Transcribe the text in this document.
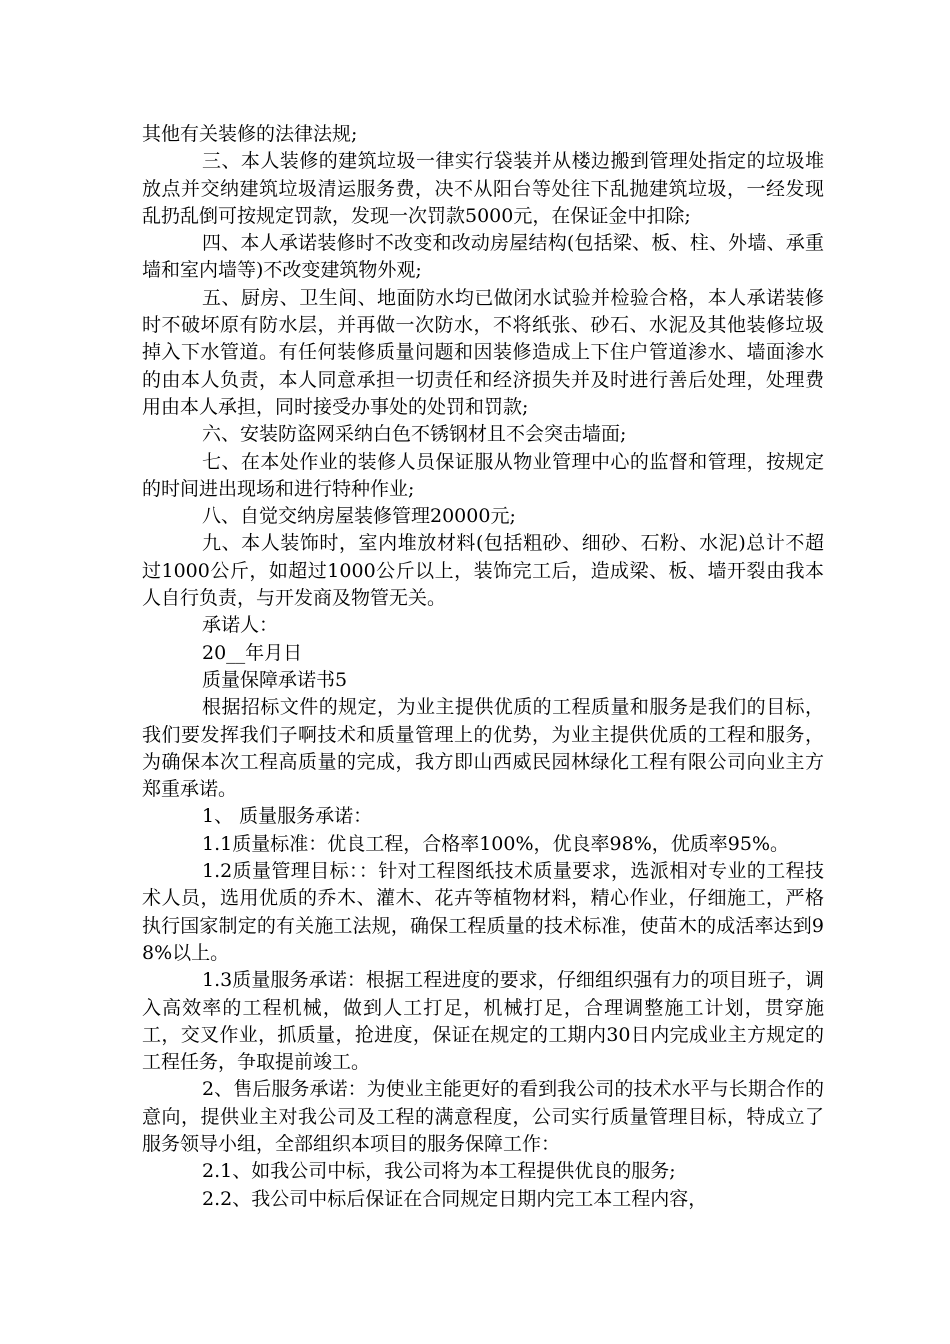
其他有关装修的法律法规;

三、本人装修的建筑垃圾一律实行袋装并从楼边搬到管理处指定的垃圾堆放点并交纳建筑垃圾清运服务费，决不从阳台等处往下乱抛建筑垃圾，一经发现乱扔乱倒可按规定罚款，发现一次罚款5000元，在保证金中扣除;

四、本人承诺装修时不改变和改动房屋结构(包括梁、板、柱、外墙、承重墙和室内墙等)不改变建筑物外观;

五、厨房、卫生间、地面防水均已做闭水试验并检验合格，本人承诺装修时不破坏原有防水层，并再做一次防水，不将纸张、砂石、水泥及其他装修垃圾掉入下水管道。有任何装修质量问题和因装修造成上下住户管道渗水、墙面渗水的由本人负责，本人同意承担一切责任和经济损失并及时进行善后处理，处理费用由本人承担，同时接受办事处的处罚和罚款;

六、安装防盗网采纳白色不锈钢材且不会突击墙面;

七、在本处作业的装修人员保证服从物业管理中心的监督和管理，按规定的时间进出现场和进行特种作业;

八、自觉交纳房屋装修管理20000元;

九、本人装饰时，室内堆放材料(包括粗砂、细砂、石粉、水泥)总计不超过1000公斤，如超过1000公斤以上，装饰完工后，造成梁、板、墙开裂由我本人自行负责，与开发商及物管无关。

承诺人：

20__年月日

质量保障承诺书5

根据招标文件的规定，为业主提供优质的工程质量和服务是我们的目标，我们要发挥我们子啊技术和质量管理上的优势，为业主提供优质的工程和服务，为确保本次工程高质量的完成，我方即山西威民园林绿化工程有限公司向业主方郑重承诺。

1、 质量服务承诺：

1.1质量标准：优良工程，合格率100%，优良率98%，优质率95%。

1.2质量管理目标：：针对工程图纸技术质量要求，选派相对专业的工程技术人员，选用优质的乔木、灌木、花卉等植物材料，精心作业，仔细施工，严格执行国家制定的有关施工法规，确保工程质量的技术标准，使苗木的成活率达到98%以上。

1.3质量服务承诺：根据工程进度的要求，仔细组织强有力的项目班子，调入高效率的工程机械，做到人工打足，机械打足，合理调整施工计划，贯穿施工，交叉作业，抓质量，抢进度，保证在规定的工期内30日内完成业主方规定的工程任务，争取提前竣工。

2、售后服务承诺：为使业主能更好的看到我公司的技术水平与长期合作的意向，提供业主对我公司及工程的满意程度，公司实行质量管理目标，特成立了服务领导小组，全部组织本项目的服务保障工作：

2.1、如我公司中标，我公司将为本工程提供优良的服务;

2.2、我公司中标后保证在合同规定日期内完工本工程内容，
